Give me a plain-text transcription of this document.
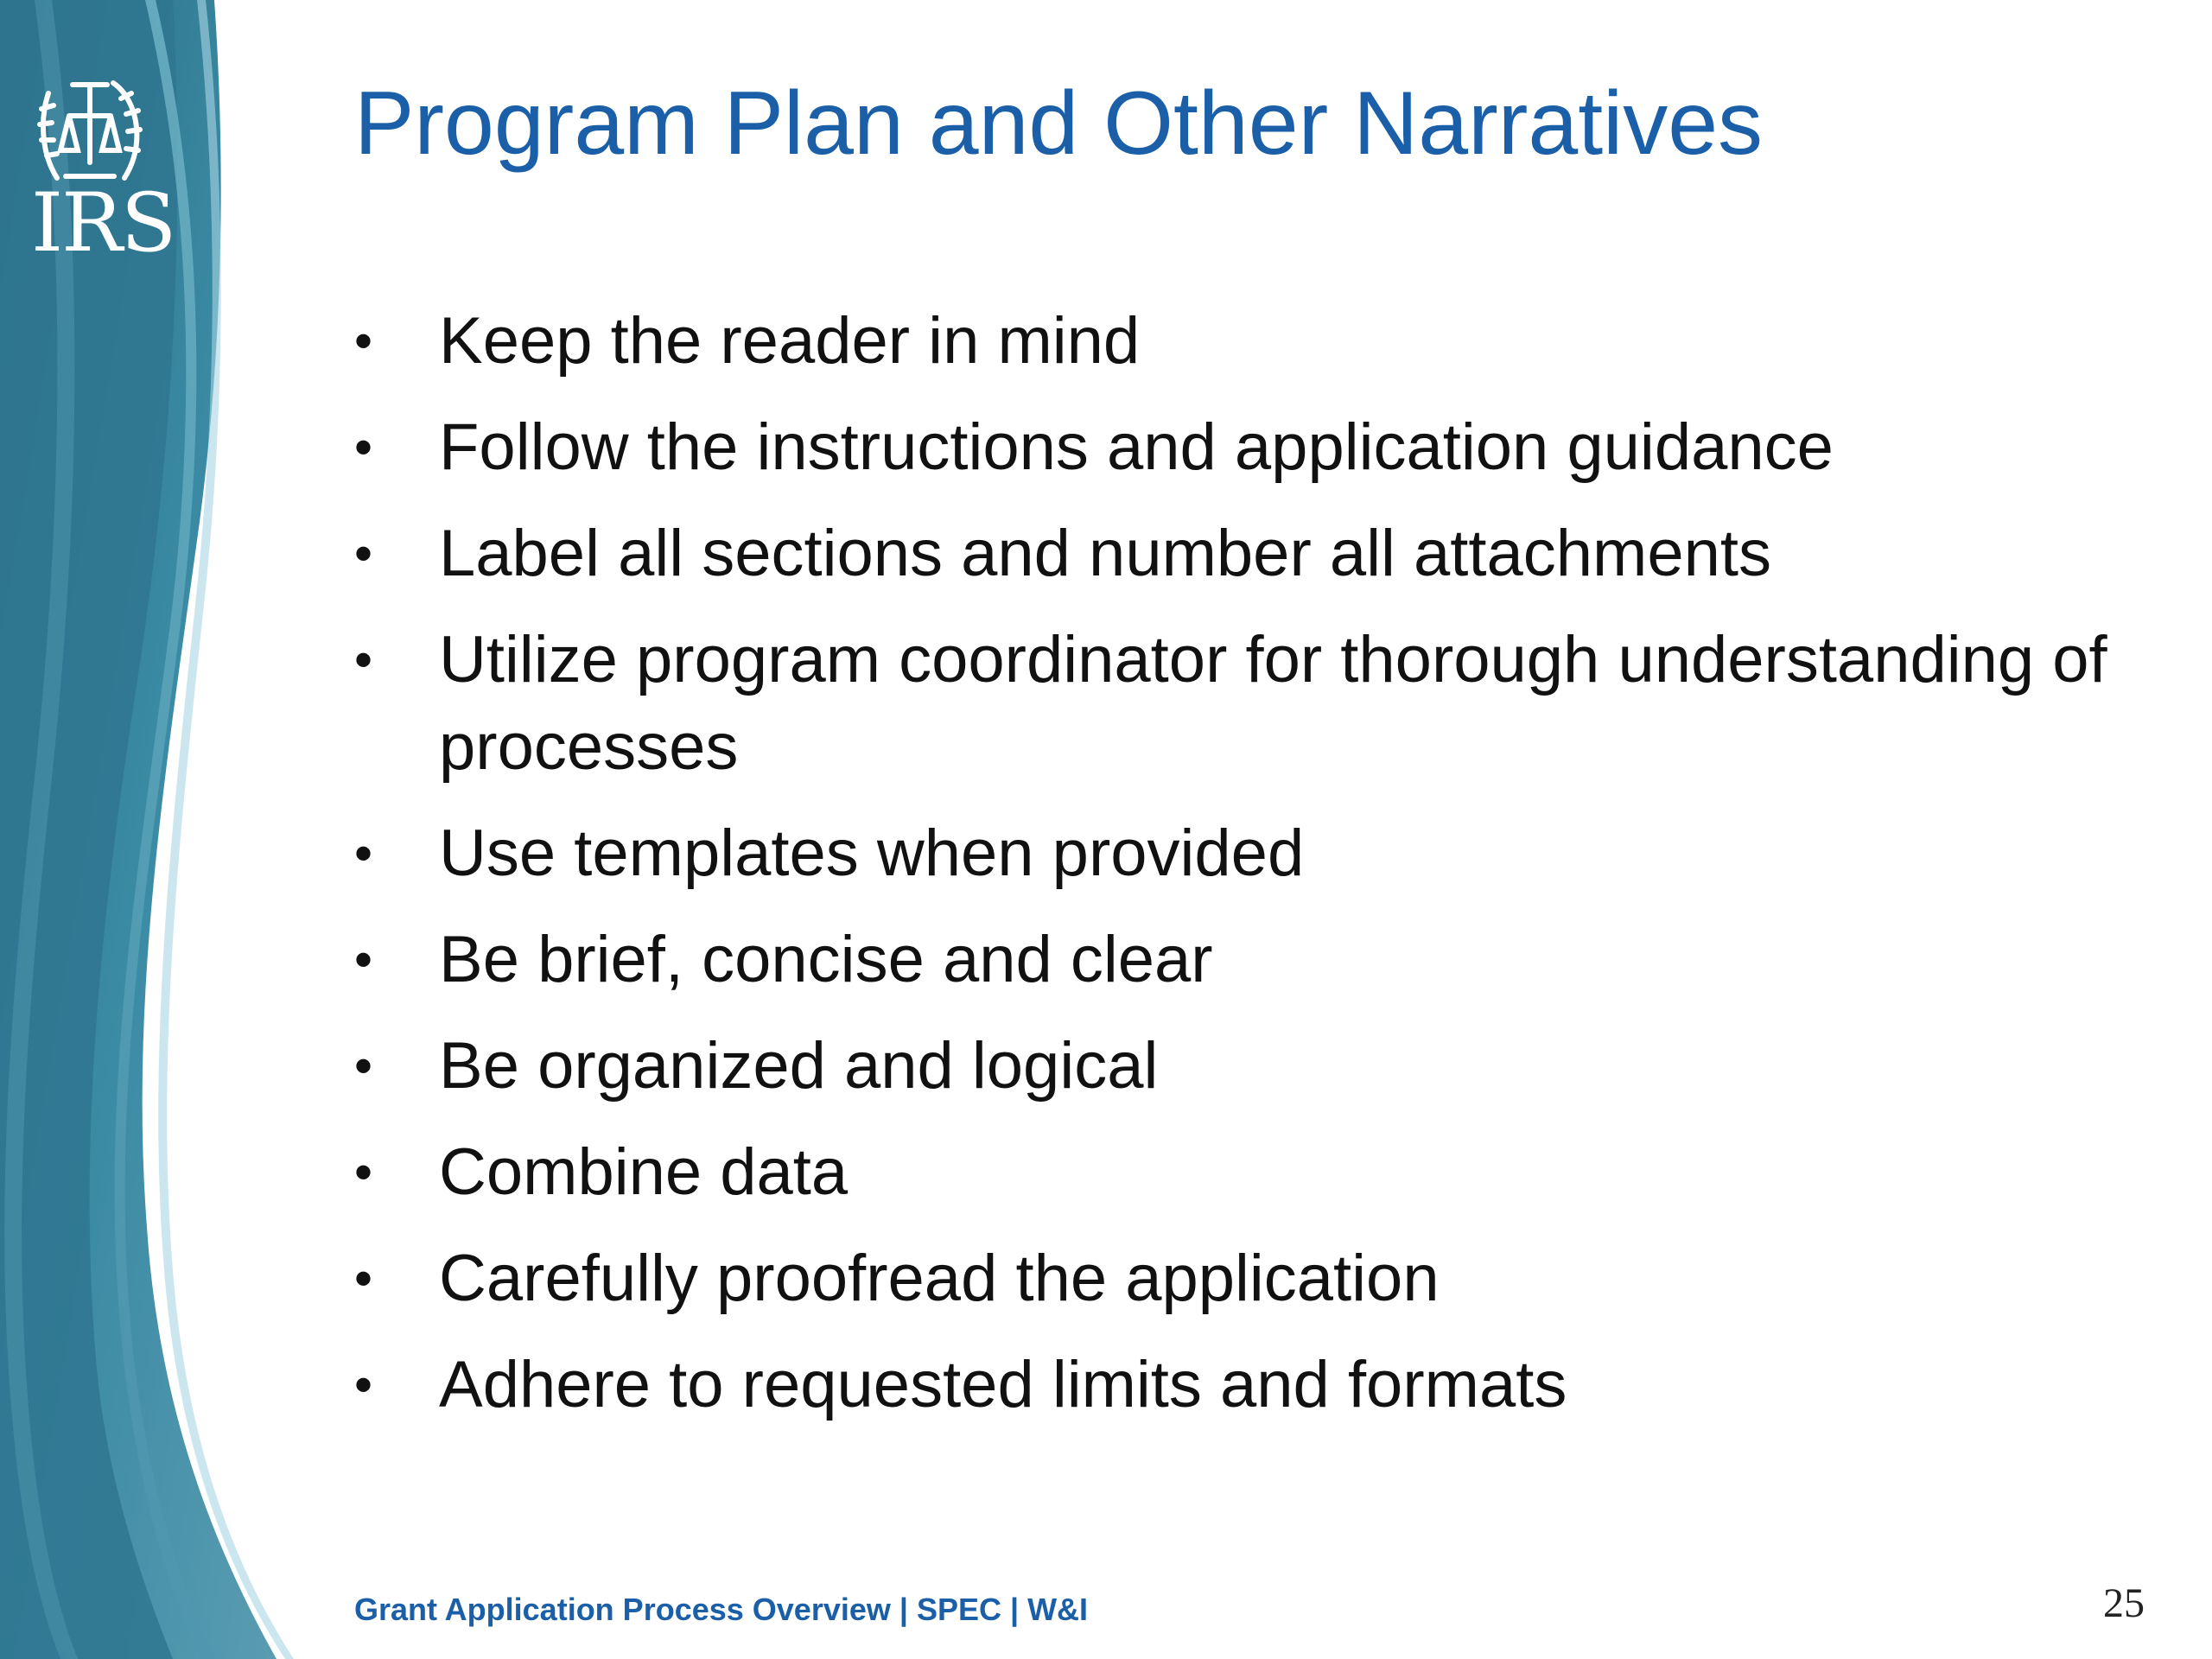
IRS
Program Plan and Other Narratives
• Keep the reader in mind
• Follow the instructions and application guidance
• Label all sections and number all attachments
• Utilize program coordinator for thorough understanding of processes
• Use templates when provided
• Be brief, concise and clear
• Be organized and logical
• Combine data
• Carefully proofread the application
• Adhere to requested limits and formats
Grant Application Process Overview | SPEC | W&I	25
